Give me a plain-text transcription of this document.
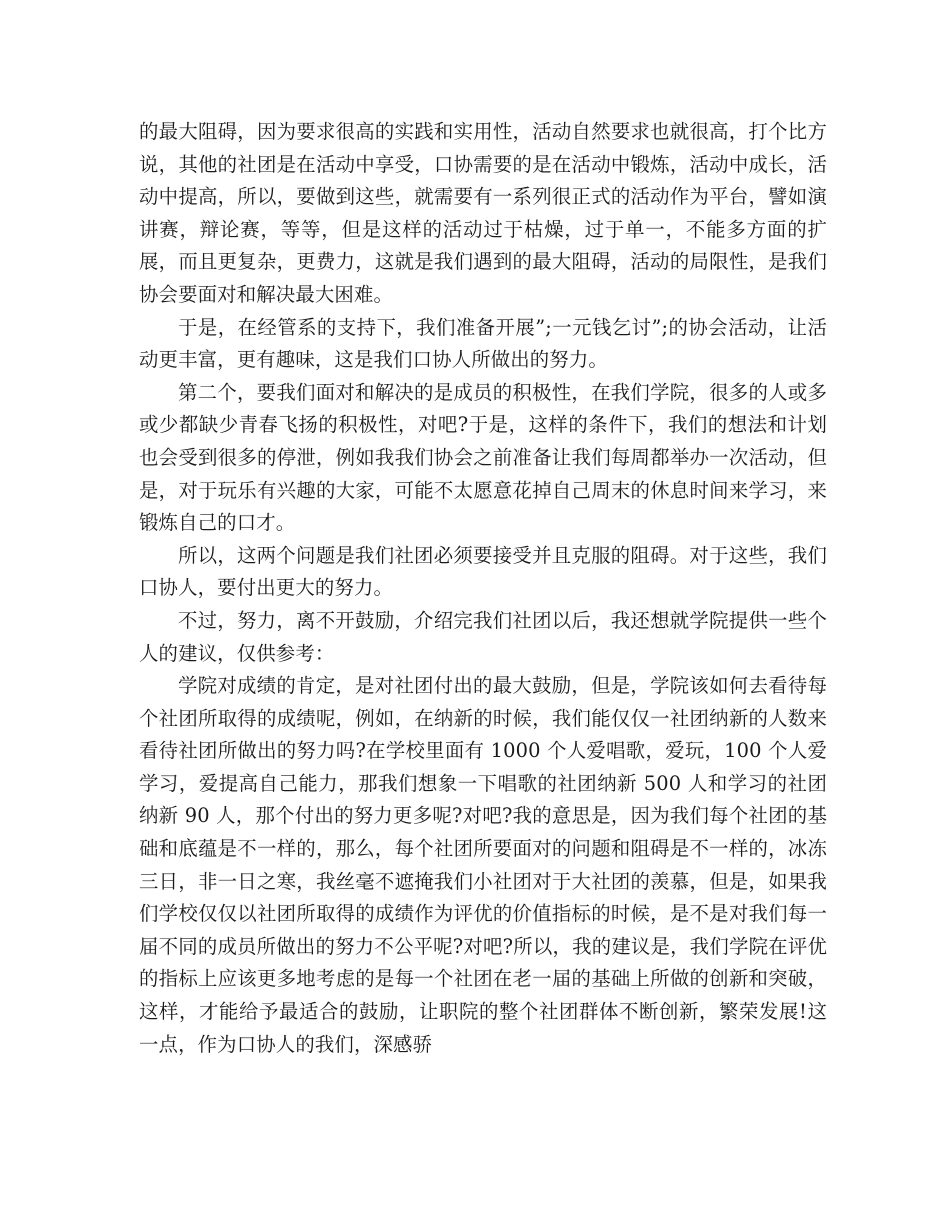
的最大阻碍，因为要求很高的实践和实用性，活动自然要求也就很高，打个比方说，其他的社团是在活动中享受，口协需要的是在活动中锻炼，活动中成长，活动中提高，所以，要做到这些，就需要有一系列很正式的活动作为平台，譬如演讲赛，辩论赛，等等，但是这样的活动过于枯燥，过于单一，不能多方面的扩展，而且更复杂，更费力，这就是我们遇到的最大阻碍，活动的局限性，是我们协会要面对和解决最大困难。

于是，在经管系的支持下，我们准备开展”;一元钱乞讨”;的协会活动，让活动更丰富，更有趣味，这是我们口协人所做出的努力。

第二个，要我们面对和解决的是成员的积极性，在我们学院，很多的人或多或少都缺少青春飞扬的积极性，对吧?于是，这样的条件下，我们的想法和计划也会受到很多的停泄，例如我我们协会之前准备让我们每周都举办一次活动，但是，对于玩乐有兴趣的大家，可能不太愿意花掉自己周末的休息时间来学习，来锻炼自己的口才。

所以，这两个问题是我们社团必须要接受并且克服的阻碍。对于这些，我们口协人，要付出更大的努力。

不过，努力，离不开鼓励，介绍完我们社团以后，我还想就学院提供一些个人的建议，仅供参考：

学院对成绩的肯定，是对社团付出的最大鼓励，但是，学院该如何去看待每个社团所取得的成绩呢，例如，在纳新的时候，我们能仅仅一社团纳新的人数来看待社团所做出的努力吗?在学校里面有 1000 个人爱唱歌，爱玩，100 个人爱学习，爱提高自己能力，那我们想象一下唱歌的社团纳新 500 人和学习的社团纳新 90 人，那个付出的努力更多呢?对吧?我的意思是，因为我们每个社团的基础和底蕴是不一样的，那么，每个社团所要面对的问题和阻碍是不一样的，冰冻三日，非一日之寒，我丝毫不遮掩我们小社团对于大社团的羡慕，但是，如果我们学校仅仅以社团所取得的成绩作为评优的价值指标的时候，是不是对我们每一届不同的成员所做出的努力不公平呢?对吧?所以，我的建议是，我们学院在评优的指标上应该更多地考虑的是每一个社团在老一届的基础上所做的创新和突破，这样，才能给予最适合的鼓励，让职院的整个社团群体不断创新，繁荣发展!这一点，作为口协人的我们，深感骄
